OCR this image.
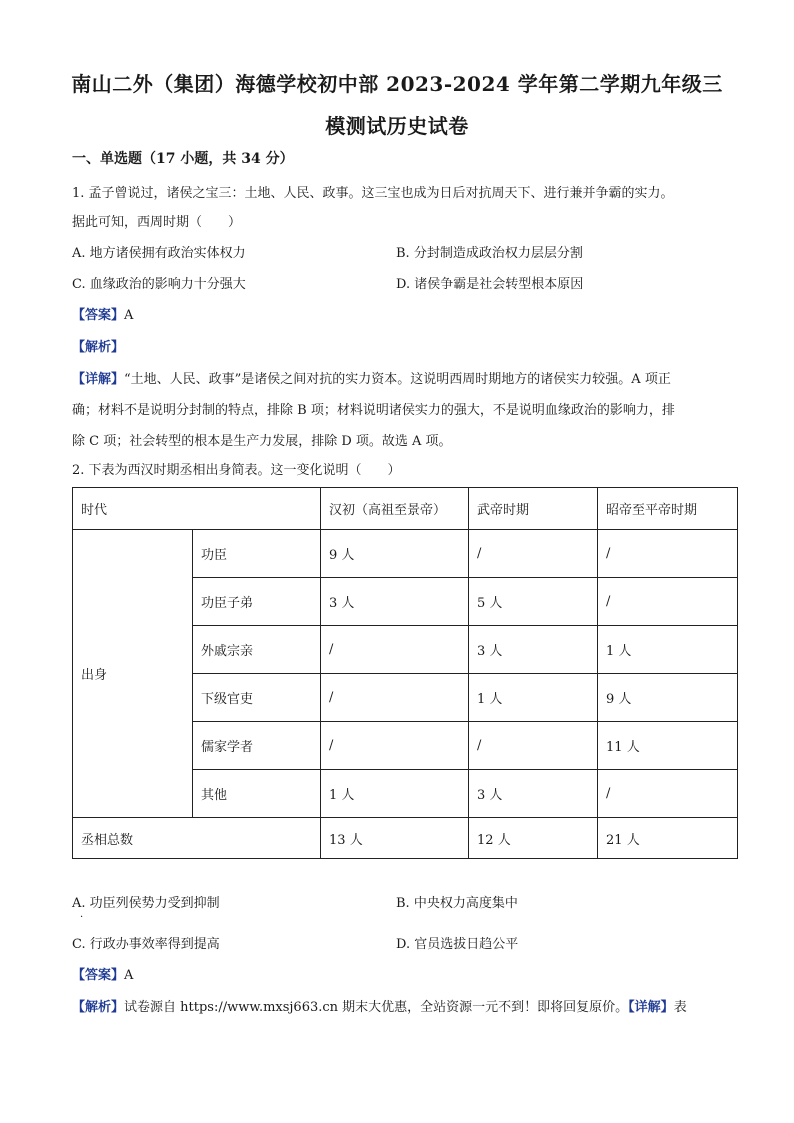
南山二外（集团）海德学校初中部 2023-2024 学年第二学期九年级三
模测试历史试卷
一、单选题（17 小题，共 34 分）
1. 孟子曾说过，诸侯之宝三：土地、人民、政事。这三宝也成为日后对抗周天下、进行兼并争霸的实力。
据此可知，西周时期（　　）
A. 地方诸侯拥有政治实体权力	B. 分封制造成政治权力层层分割
C. 血缘政治的影响力十分强大	D. 诸侯争霸是社会转型根本原因
【答案】A
【解析】
【详解】“土地、人民、政事”是诸侯之间对抗的实力资本。这说明西周时期地方的诸侯实力较强。A 项正
确；材料不是说明分封制的特点，排除 B 项；材料说明诸侯实力的强大，不是说明血缘政治的影响力，排
除 C 项；社会转型的根本是生产力发展，排除 D 项。故选 A 项。
2. 下表为西汉时期丞相出身简表。这一变化说明（　　）
时代		汉初（高祖至景帝）	武帝时期	昭帝至平帝时期
出身	功臣	9 人	/	/
	功臣子弟	3 人	5 人	/
	外戚宗亲	/	3 人	1 人
	下级官吏	/	1 人	9 人
	儒家学者	/	/	11 人
	其他	1 人	3 人	/
丞相总数		13 人	12 人	21 人
A. 功臣列侯势力受到抑制	B. 中央权力高度集中
·
C. 行政办事效率得到提高	D. 官员选拔日趋公平
【答案】A
【解析】试卷源自 https://www.mxsj663.cn 期末大优惠，全站资源一元不到！即将回复原价。【详解】表
